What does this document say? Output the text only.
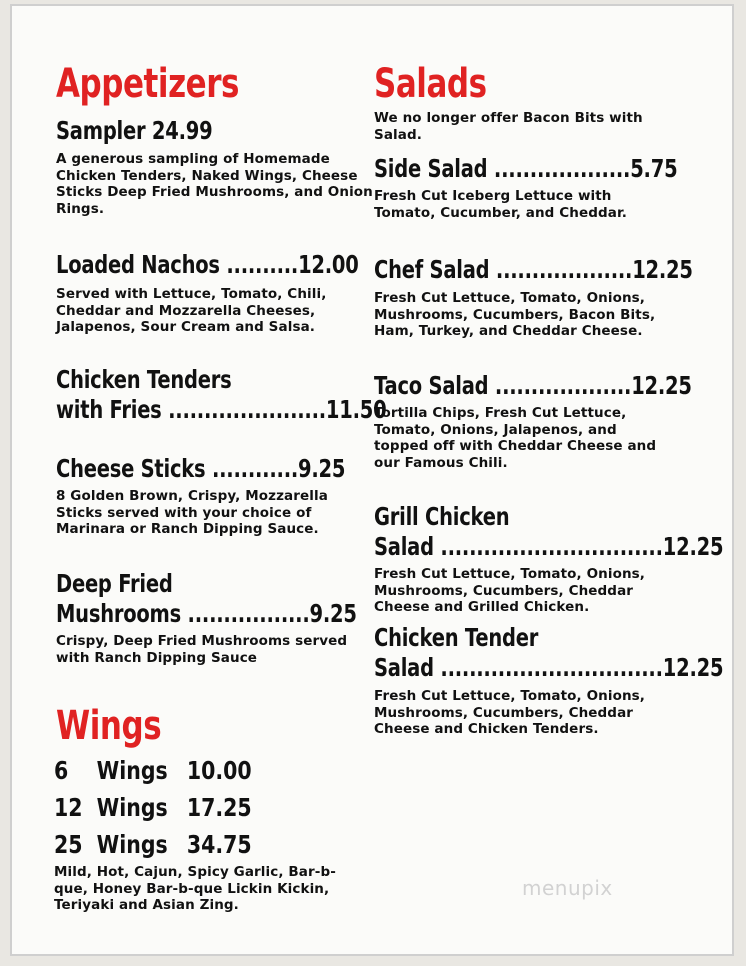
Appetizers
Sampler 24.99
A generous sampling of Homemade Chicken Tenders, Naked Wings, Cheese Sticks Deep Fried Mushrooms, and Onion Rings.
Loaded Nachos ..........12.00
Served with Lettuce, Tomato, Chili, Cheddar and Mozzarella Cheeses, Jalapenos, Sour Cream and Salsa.
Chicken Tenders
with Fries ......................11.50
Cheese Sticks ............9.25
8 Golden Brown, Crispy, Mozzarella Sticks served with your choice of Marinara or Ranch Dipping Sauce.
Deep Fried
Mushrooms .................9.25
Crispy, Deep Fried Mushrooms served with Ranch Dipping Sauce
Wings
6 Wings 10.00
12 Wings 17.25
25 Wings 34.75
Mild, Hot, Cajun, Spicy Garlic, Bar-b-que, Honey Bar-b-que Lickin Kickin, Teriyaki and Asian Zing.
Salads
We no longer offer Bacon Bits with Salad.
Side Salad ...................5.75
Fresh Cut Iceberg Lettuce with Tomato, Cucumber, and Cheddar.
Chef Salad ...................12.25
Fresh Cut Lettuce, Tomato, Onions, Mushrooms, Cucumbers, Bacon Bits, Ham, Turkey, and Cheddar Cheese.
Taco Salad ...................12.25
Tortilla Chips, Fresh Cut Lettuce, Tomato, Onions, Jalapenos, and topped off with Cheddar Cheese and our Famous Chili.
Grill Chicken
Salad ...............................12.25
Fresh Cut Lettuce, Tomato, Onions, Mushrooms, Cucumbers, Cheddar Cheese and Grilled Chicken.
Chicken Tender
Salad ...............................12.25
Fresh Cut Lettuce, Tomato, Onions, Mushrooms, Cucumbers, Cheddar Cheese and Chicken Tenders.
menupix
